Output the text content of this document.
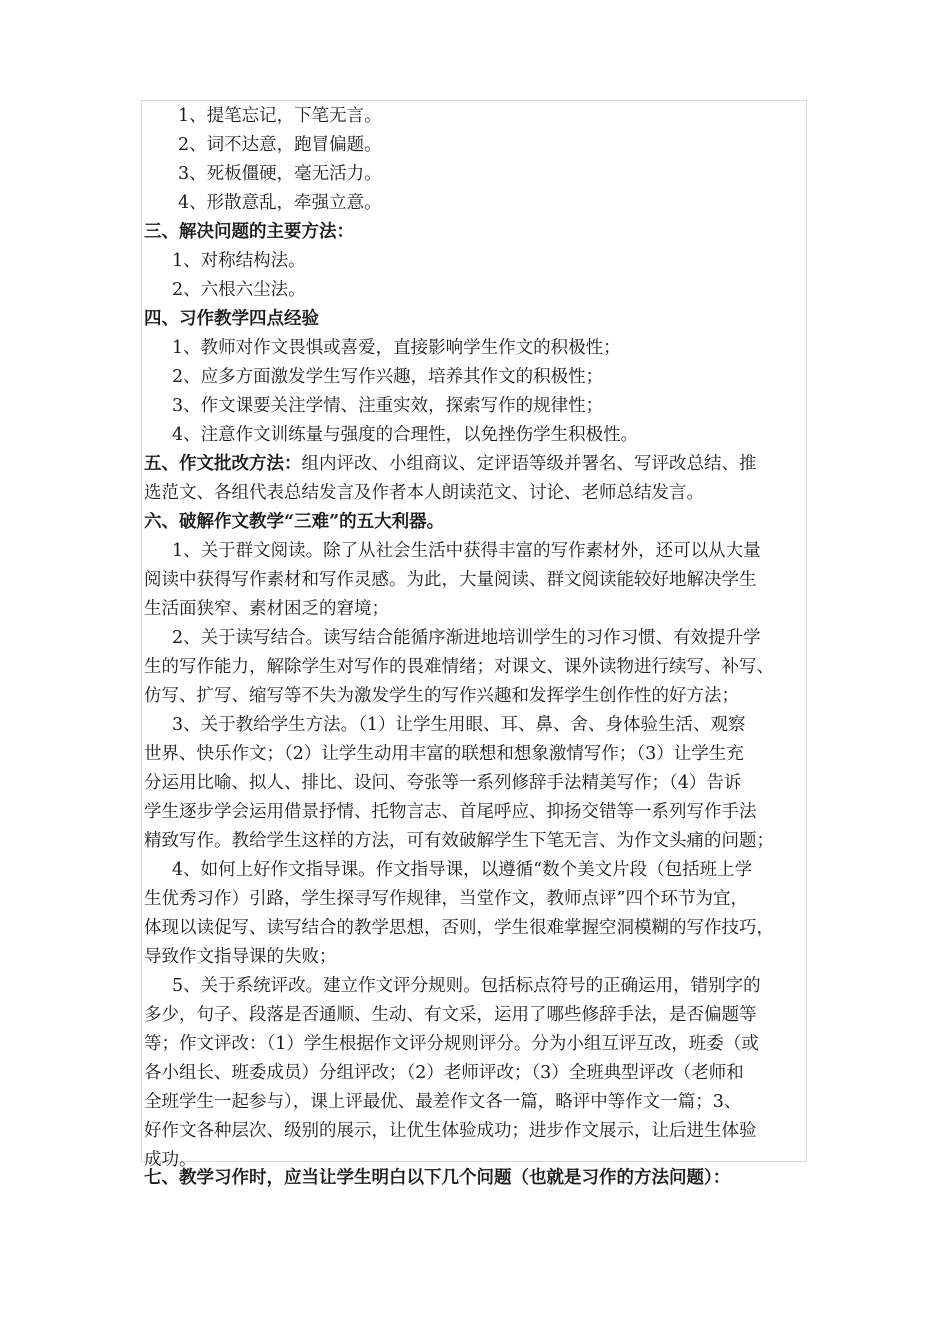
1、提笔忘记，下笔无言。
2、词不达意，跑冒偏题。
3、死板僵硬，毫无活力。
4、形散意乱，牵强立意。
三、解决问题的主要方法：
1、对称结构法。
2、六根六尘法。
四、习作教学四点经验
1、教师对作文畏惧或喜爱，直接影响学生作文的积极性；
2、应多方面激发学生写作兴趣，培养其作文的积极性；
3、作文课要关注学情、注重实效，探索写作的规律性；
4、注意作文训练量与强度的合理性，以免挫伤学生积极性。
五、作文批改方法：组内评改、小组商议、定评语等级并署名、写评改总结、推
选范文、各组代表总结发言及作者本人朗读范文、讨论、老师总结发言。
六、破解作文教学“三难”的五大利器。
1、关于群文阅读。除了从社会生活中获得丰富的写作素材外，还可以从大量
阅读中获得写作素材和写作灵感。为此，大量阅读、群文阅读能较好地解决学生
生活面狭窄、素材困乏的窘境；
2、关于读写结合。读写结合能循序渐进地培训学生的习作习惯、有效提升学
生的写作能力，解除学生对写作的畏难情绪；对课文、课外读物进行续写、补写、
仿写、扩写、缩写等不失为激发学生的写作兴趣和发挥学生创作性的好方法；
3、关于教给学生方法。（1）让学生用眼、耳、鼻、舍、身体验生活、观察
世界、快乐作文；（2）让学生动用丰富的联想和想象激情写作；（3）让学生充
分运用比喻、拟人、排比、设问、夸张等一系列修辞手法精美写作；（4）告诉
学生逐步学会运用借景抒情、托物言志、首尾呼应、抑扬交错等一系列写作手法
精致写作。教给学生这样的方法，可有效破解学生下笔无言、为作文头痛的问题；
4、如何上好作文指导课。作文指导课，以遵循“数个美文片段（包括班上学
生优秀习作）引路，学生探寻写作规律，当堂作文，教师点评”四个环节为宜，
体现以读促写、读写结合的教学思想，否则，学生很难掌握空洞模糊的写作技巧，
导致作文指导课的失败；
5、关于系统评改。建立作文评分规则。包括标点符号的正确运用，错别字的
多少，句子、段落是否通顺、生动、有文采，运用了哪些修辞手法，是否偏题等
等；作文评改：（1）学生根据作文评分规则评分。分为小组互评互改，班委（或
各小组长、班委成员）分组评改；（2）老师评改；（3）全班典型评改（老师和
全班学生一起参与），课上评最优、最差作文各一篇，略评中等作文一篇；3、
好作文各种层次、级别的展示，让优生体验成功；进步作文展示，让后进生体验
成功。
七、教学习作时，应当让学生明白以下几个问题（也就是习作的方法问题）：
